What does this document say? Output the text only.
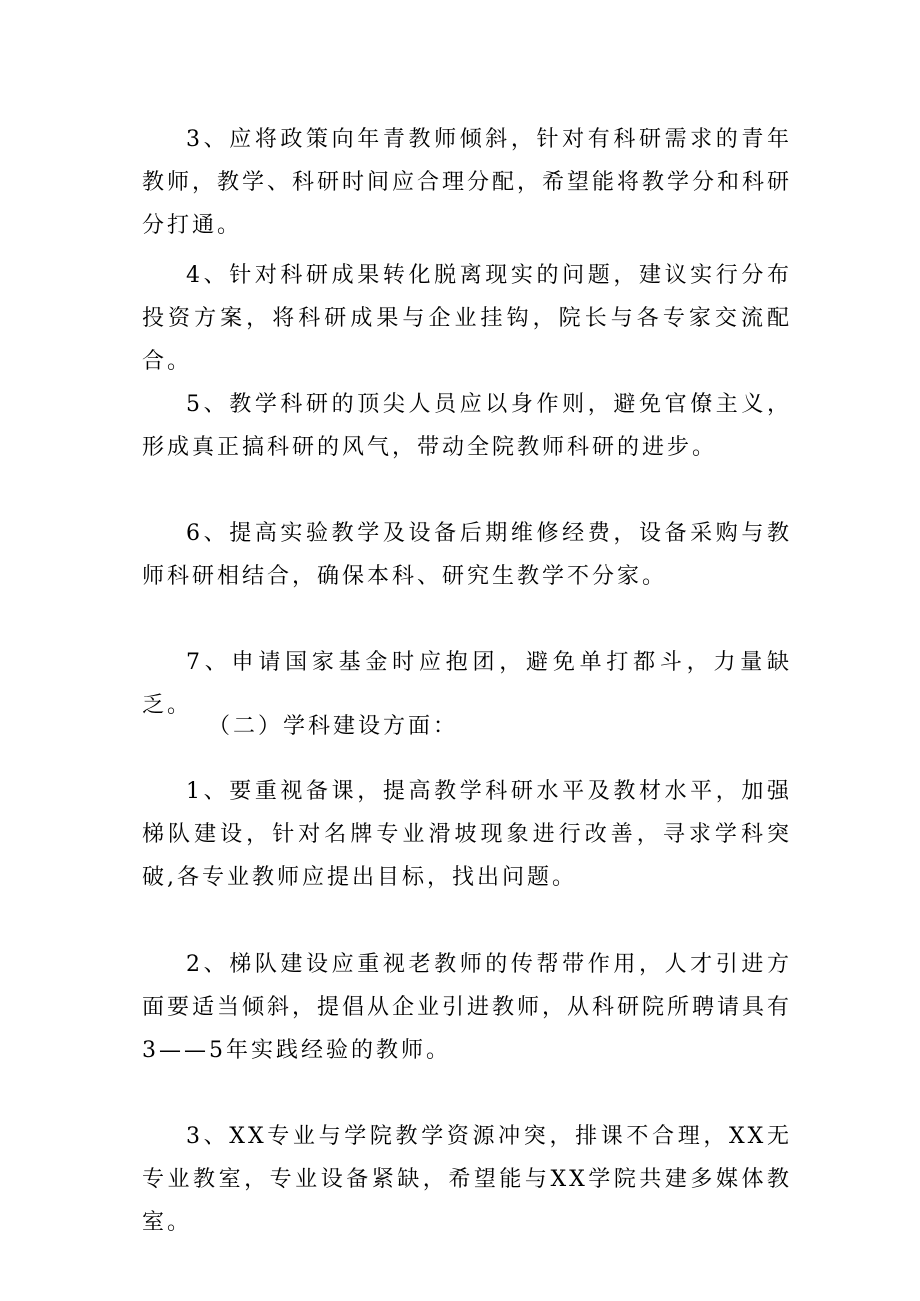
3、应将政策向年青教师倾斜，针对有科研需求的青年教师，教学、科研时间应合理分配，希望能将教学分和科研分打通。

4、针对科研成果转化脱离现实的问题，建议实行分布投资方案，将科研成果与企业挂钩，院长与各专家交流配合。

5、教学科研的顶尖人员应以身作则，避免官僚主义，形成真正搞科研的风气，带动全院教师科研的进步。

6、提高实验教学及设备后期维修经费，设备采购与教师科研相结合，确保本科、研究生教学不分家。

7、申请国家基金时应抱团，避免单打都斗，力量缺乏。

（二）学科建设方面：

1、要重视备课，提高教学科研水平及教材水平，加强梯队建设，针对名牌专业滑坡现象进行改善，寻求学科突破,各专业教师应提出目标，找出问题。

2、梯队建设应重视老教师的传帮带作用，人才引进方面要适当倾斜，提倡从企业引进教师，从科研院所聘请具有3——5年实践经验的教师。

3、XX专业与学院教学资源冲突，排课不合理，XX无专业教室，专业设备紧缺，希望能与XX学院共建多媒体教室。
